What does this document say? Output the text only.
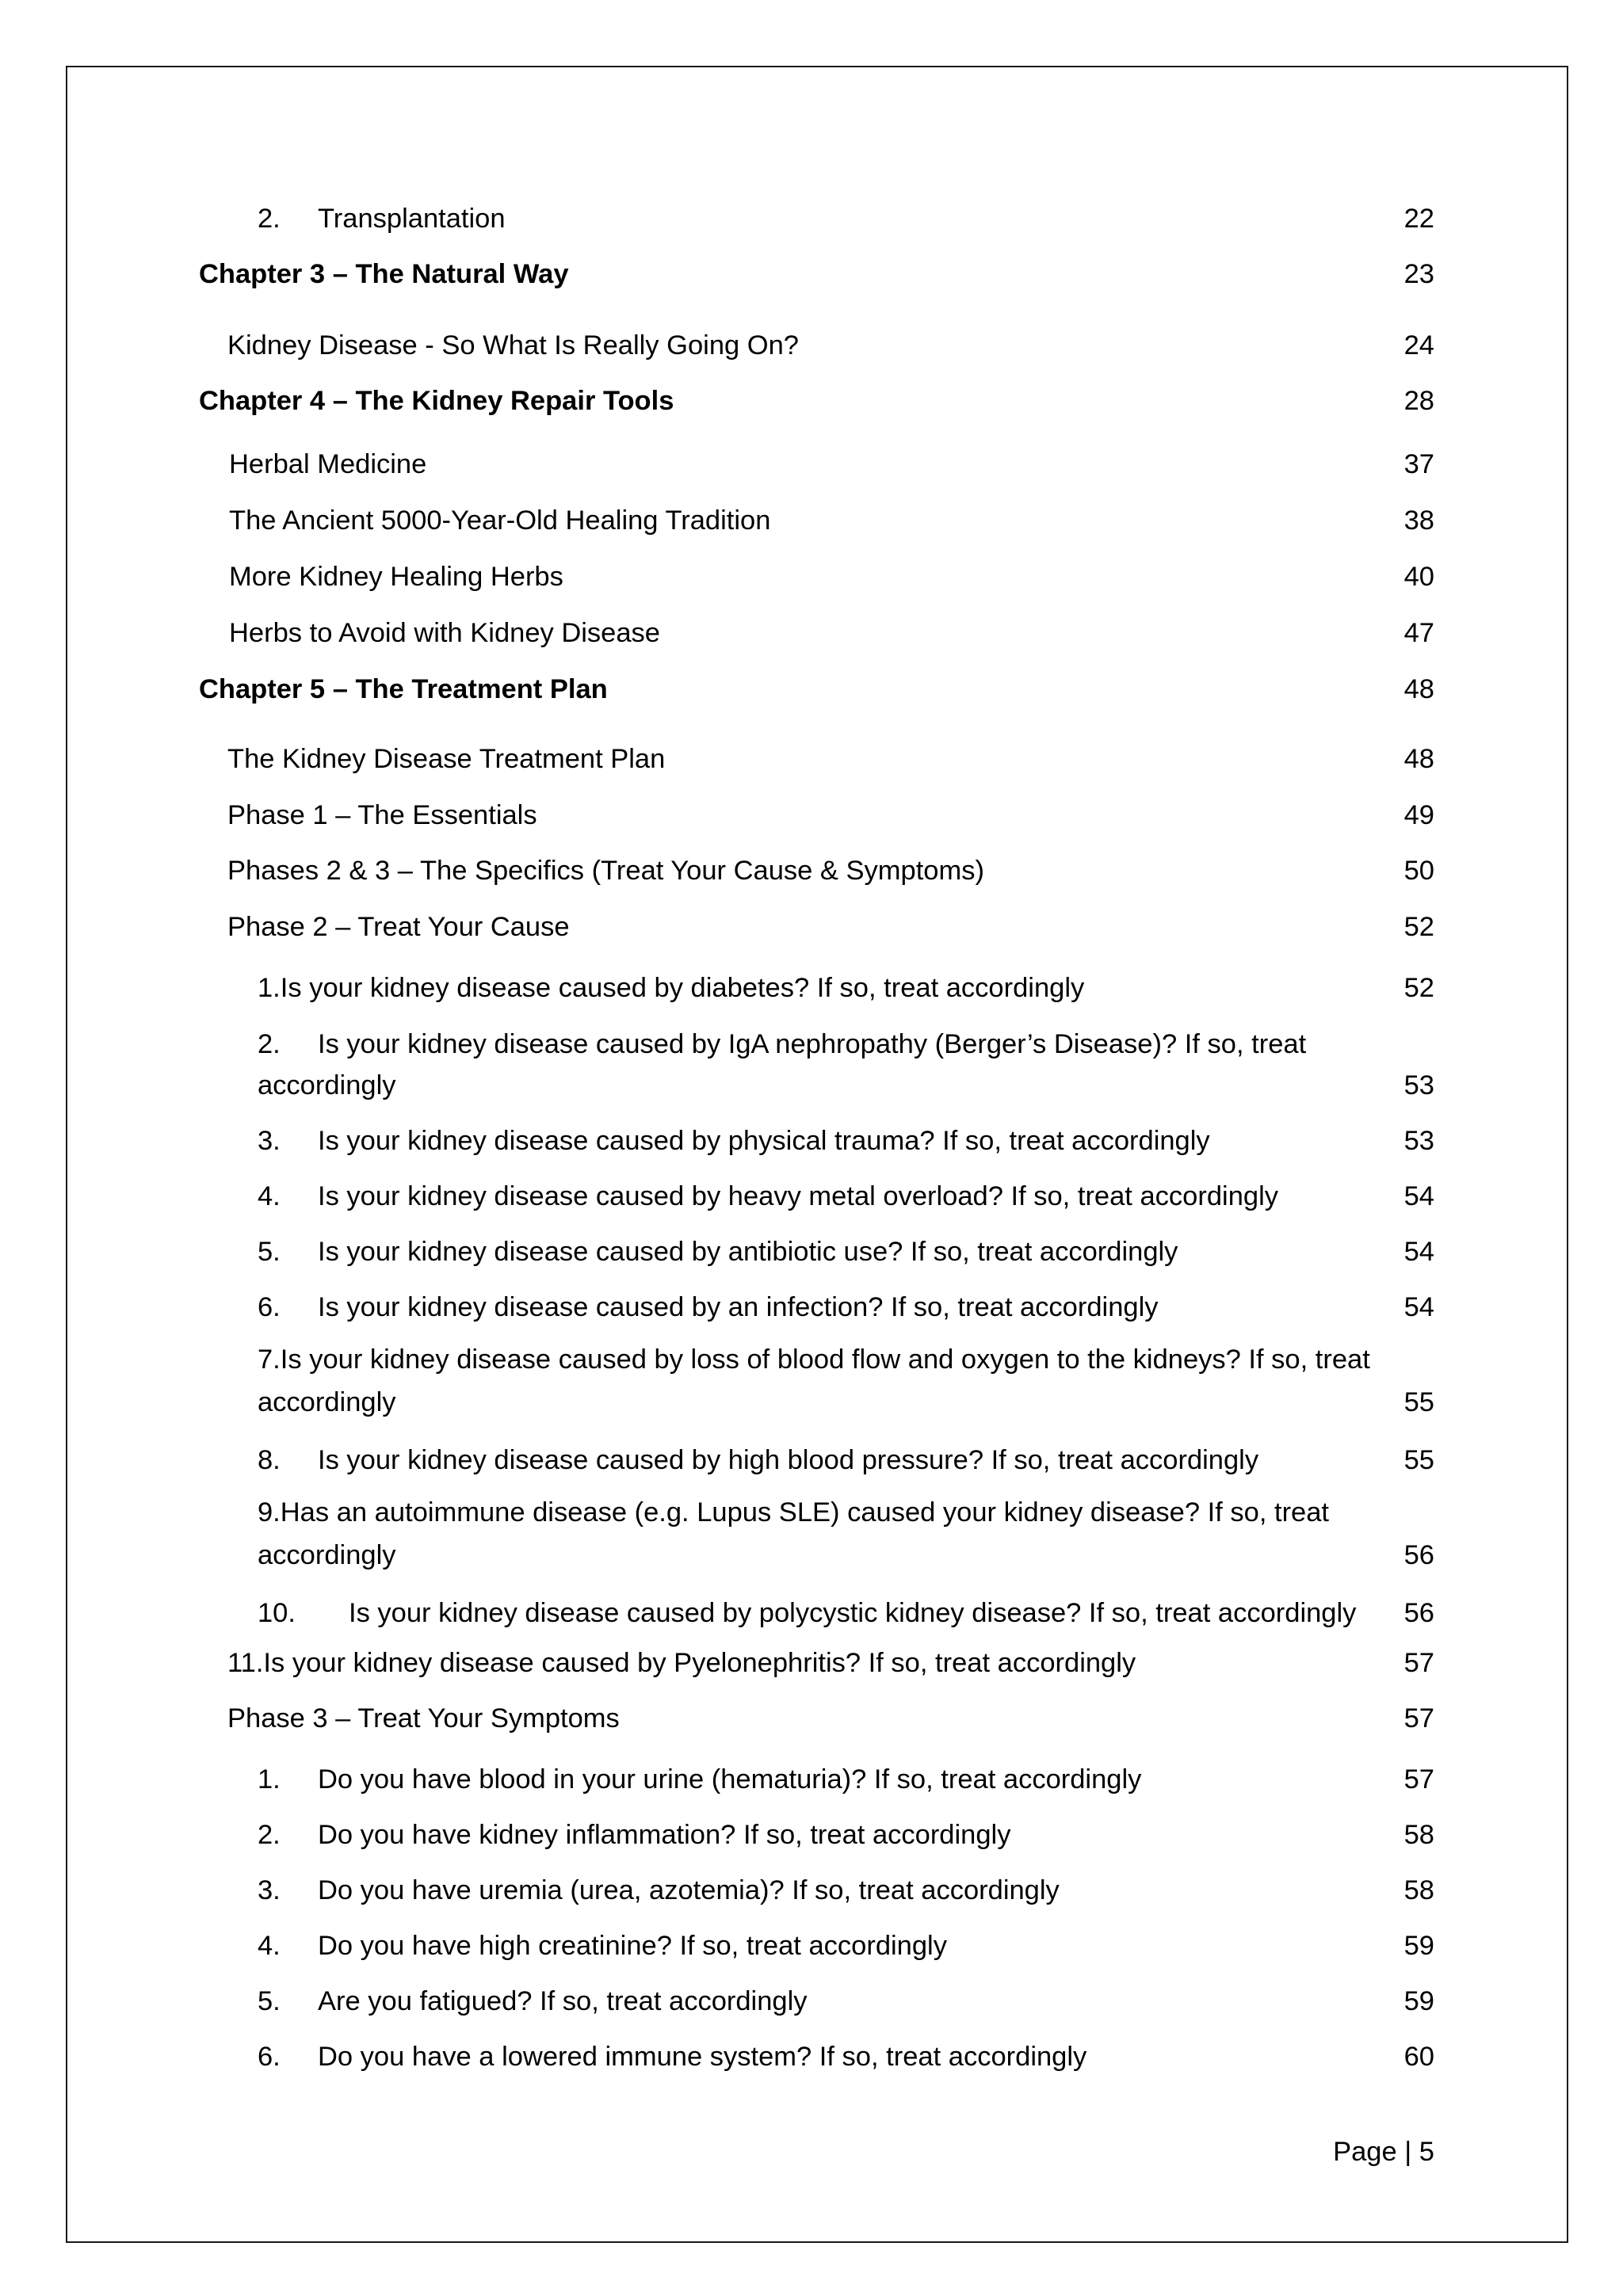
2. Transplantation	22
Chapter 3 – The Natural Way	23
Kidney Disease - So What Is Really Going On?	24
Chapter 4 – The Kidney Repair Tools	28
Herbal Medicine	37
The Ancient 5000-Year-Old Healing Tradition	38
More Kidney Healing Herbs	40
Herbs to Avoid with Kidney Disease	47
Chapter 5 – The Treatment Plan	48
The Kidney Disease Treatment Plan	48
Phase 1 – The Essentials	49
Phases 2 & 3 – The Specifics (Treat Your Cause & Symptoms)	50
Phase 2 – Treat Your Cause	52
1.Is your kidney disease caused by diabetes? If so, treat accordingly	52
2. Is your kidney disease caused by IgA nephropathy (Berger’s Disease)? If so, treat
accordingly	53
3. Is your kidney disease caused by physical trauma? If so, treat accordingly	53
4. Is your kidney disease caused by heavy metal overload? If so, treat accordingly	54
5. Is your kidney disease caused by antibiotic use? If so, treat accordingly	54
6. Is your kidney disease caused by an infection? If so, treat accordingly	54
7.Is your kidney disease caused by loss of blood flow and oxygen to the kidneys? If so, treat
accordingly	55
8. Is your kidney disease caused by high blood pressure? If so, treat accordingly	55
9.Has an autoimmune disease (e.g. Lupus SLE) caused your kidney disease? If so, treat
accordingly	56
10. Is your kidney disease caused by polycystic kidney disease? If so, treat accordingly 56
11.Is your kidney disease caused by Pyelonephritis? If so, treat accordingly	57
Phase 3 – Treat Your Symptoms	57
1. Do you have blood in your urine (hematuria)? If so, treat accordingly	57
2. Do you have kidney inflammation? If so, treat accordingly	58
3. Do you have uremia (urea, azotemia)? If so, treat accordingly	58
4. Do you have high creatinine? If so, treat accordingly	59
5. Are you fatigued? If so, treat accordingly	59
6. Do you have a lowered immune system? If so, treat accordingly	60
Page | 5
